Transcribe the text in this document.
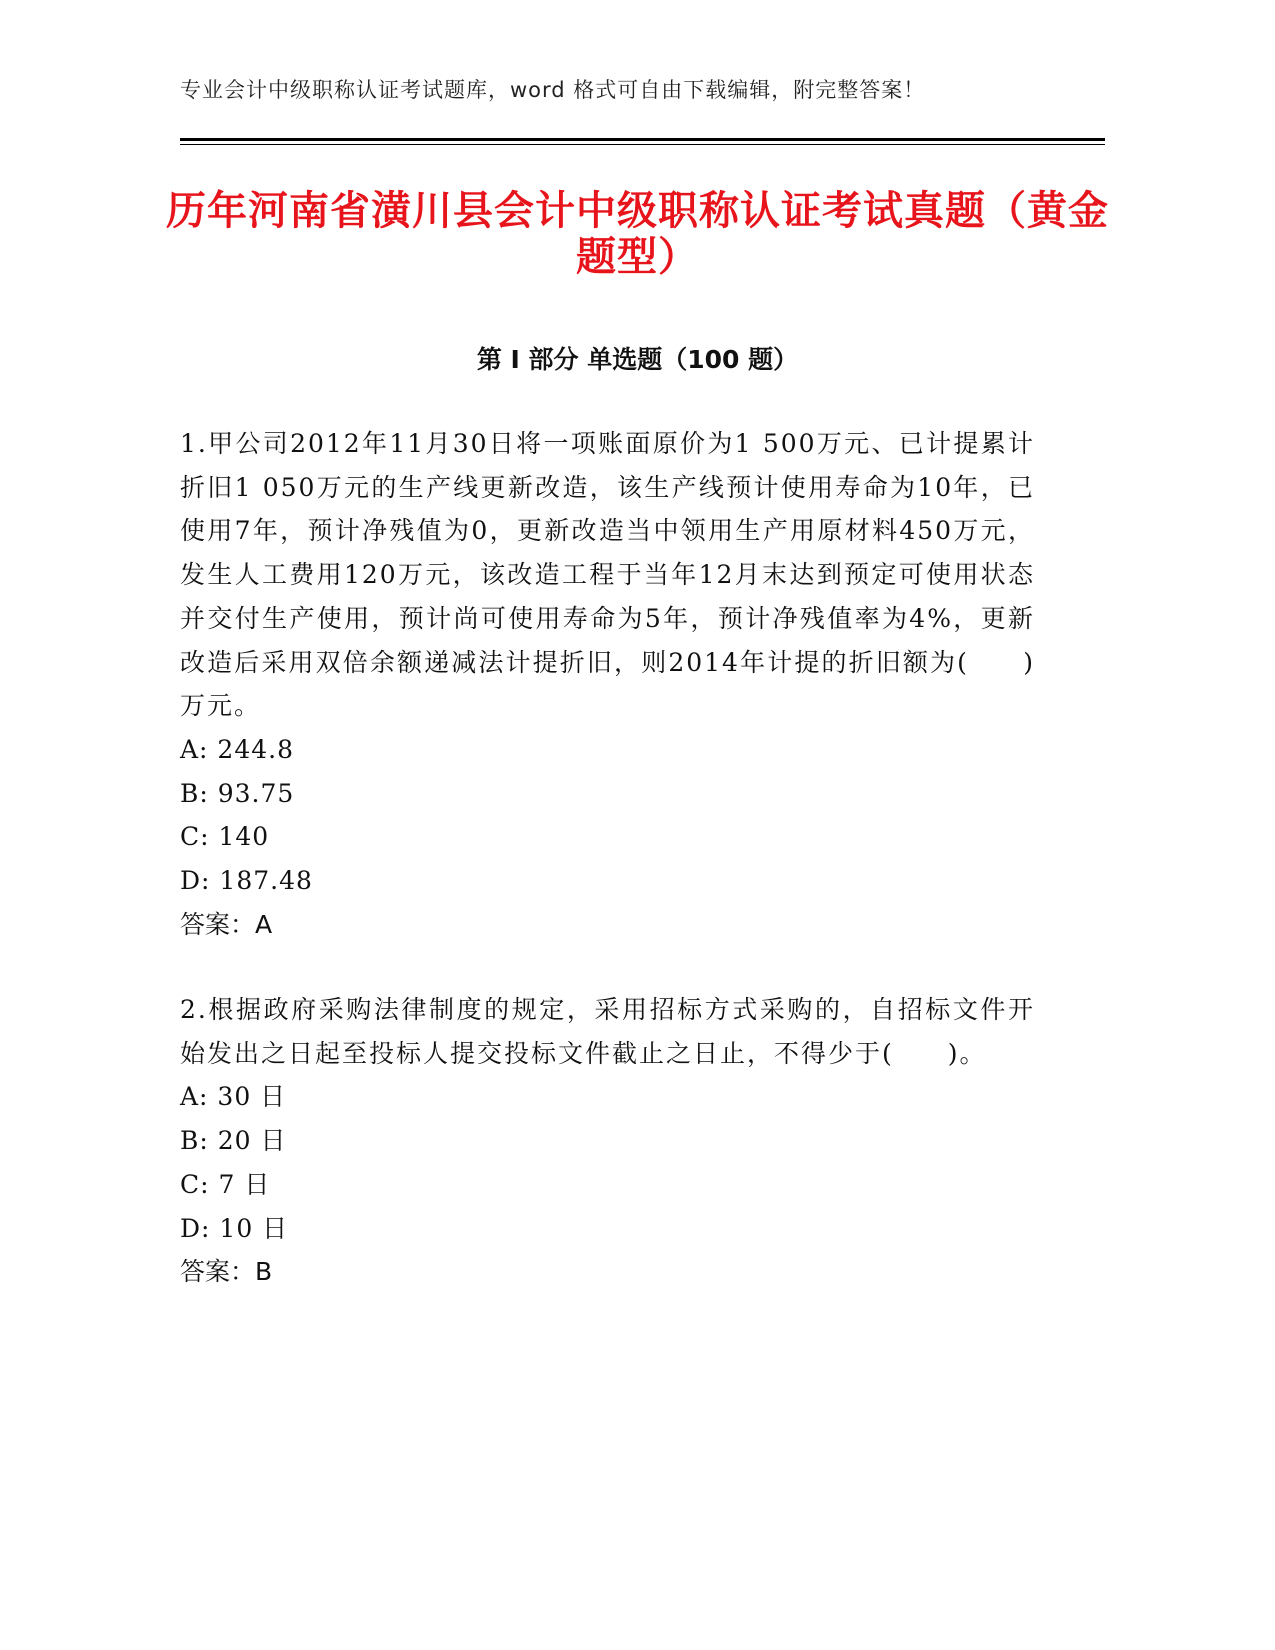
专业会计中级职称认证考试题库，word 格式可自由下载编辑，附完整答案！
历年河南省潢川县会计中级职称认证考试真题（黄金题型）
第 I 部分 单选题（100 题）

1.甲公司2012年11月30日将一项账面原价为1 500万元、已计提累计折旧1 050万元的生产线更新改造，该生产线预计使用寿命为10年，已使用7年，预计净残值为0，更新改造当中领用生产用原材料450万元，发生人工费用120万元，该改造工程于当年12月末达到预定可使用状态并交付生产使用，预计尚可使用寿命为5年，预计净残值率为4%，更新改造后采用双倍余额递减法计提折旧，则2014年计提的折旧额为(　　)万元。

A: 244.8

B: 93.75

C: 140

D: 187.48

答案：A

2.根据政府采购法律制度的规定，采用招标方式采购的，自招标文件开始发出之日起至投标人提交投标文件截止之日止，不得少于(　　)。

A: 30 日

B: 20 日

C: 7 日

D: 10 日

答案：B
